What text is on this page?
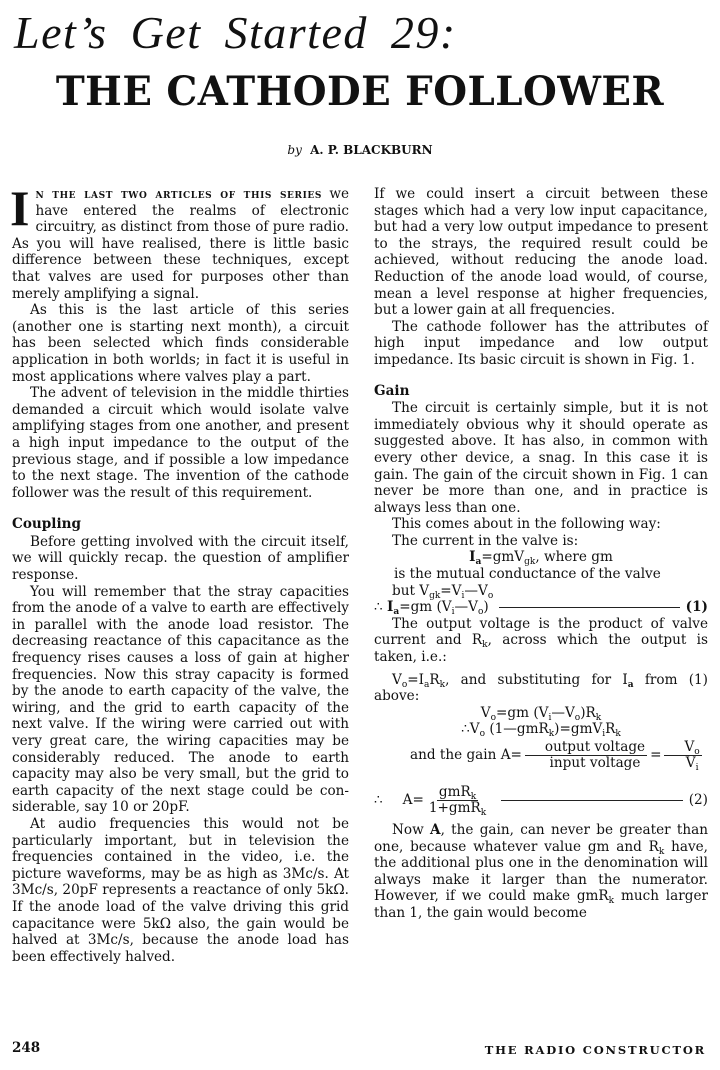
Let’s Get Started 29:
THE CATHODE FOLLOWER
by A. P. BLACKBURN

I n the last two articles of this series we have entered the realms of electronic circuitry, as distinct from those of pure radio. As you will have realised, there is little basic difference between these techniques, except that valves are used for purposes other than merely amplifying a signal.

As this is the last article of this series (another one is starting next month), a circuit has been selected which finds considerable application in both worlds; in fact it is useful in most applications where valves play a part.

The advent of television in the middle thirties demanded a circuit which would isolate valve amplifying stages from one another, and present a high input impedance to the output of the previous stage, and if possible a low impedance to the next stage. The invention of the cathode follower was the result of this requirement.

Coupling

Before getting involved with the circuit itself, we will quickly recap. the question of amplifier response.

You will remember that the stray capacities from the anode of a valve to earth are effectively in parallel with the anode load resistor. The decreasing reactance of this capacitance as the frequency rises causes a loss of gain at higher frequencies. Now this stray capacity is formed by the anode to earth capacity of the valve, the wiring, and the grid to earth capacity of the next valve. If the wiring were carried out with very great care, the wiring capacities may be considerably reduced. The anode to earth capacity may also be very small, but the grid to earth capacity of the next stage could be considerable, say 10 or 20pF.

At audio frequencies this would not be particularly important, but in television the frequencies contained in the video, i.e. the picture waveforms, may be as high as 3Mc/s. At 3Mc/s, 20pF represents a reactance of only 5kΩ. If the anode load of the valve driving this grid capacitance were 5kΩ also, the gain would be halved at 3Mc/s, because the anode load has been effectively halved.

If we could insert a circuit between these stages which had a very low input capacitance, but had a very low output impedance to present to the strays, the required result could be achieved, without reducing the anode load. Reduction of the anode load would, of course, mean a level response at higher frequencies, but a lower gain at all frequencies.

The cathode follower has the attributes of high input impedance and low output impedance. Its basic circuit is shown in Fig. 1.

Gain

The circuit is certainly simple, but it is not immediately obvious why it should operate as suggested above. It has also, in common with every other device, a snag. In this case it is gain. The gain of the circuit shown in Fig. 1 can never be more than one, and in practice is always less than one.

This comes about in the following way:

The current in the valve is:

$I_a=gmV_{gk}$, where gm

is the mutual conductance of the valve

but $V_{gk}=V_i—V_o$

∴ $I_a=gm$ $(V_i—V_o)$	(1)

The output voltage is the product of valve current and $R_k$, across which the output is taken, i.e.:

$V_o=I_aR_k$, and substituting for $I_a$ from (1) above:

$V_o=gm$ $(V_i—V_o)R_k$

$\therefore V_o$ $(1—gmR_k)=gmV_iR_k$

and the gain $A= \frac{\text{output voltage}}{\text{input voltage}} = \frac{V_o}{V_i}$

∴ $A= \frac{gmR_k}{1+gmR_k}$	(2)

Now A, the gain, can never be greater than one, because whatever value gm and $R_k$ have, the additional plus one in the denomination will always make it larger than the numerator. However, if we could make gmR$_k$ much larger than 1, the gain would become

248	THE RADIO CONSTRUCTOR
